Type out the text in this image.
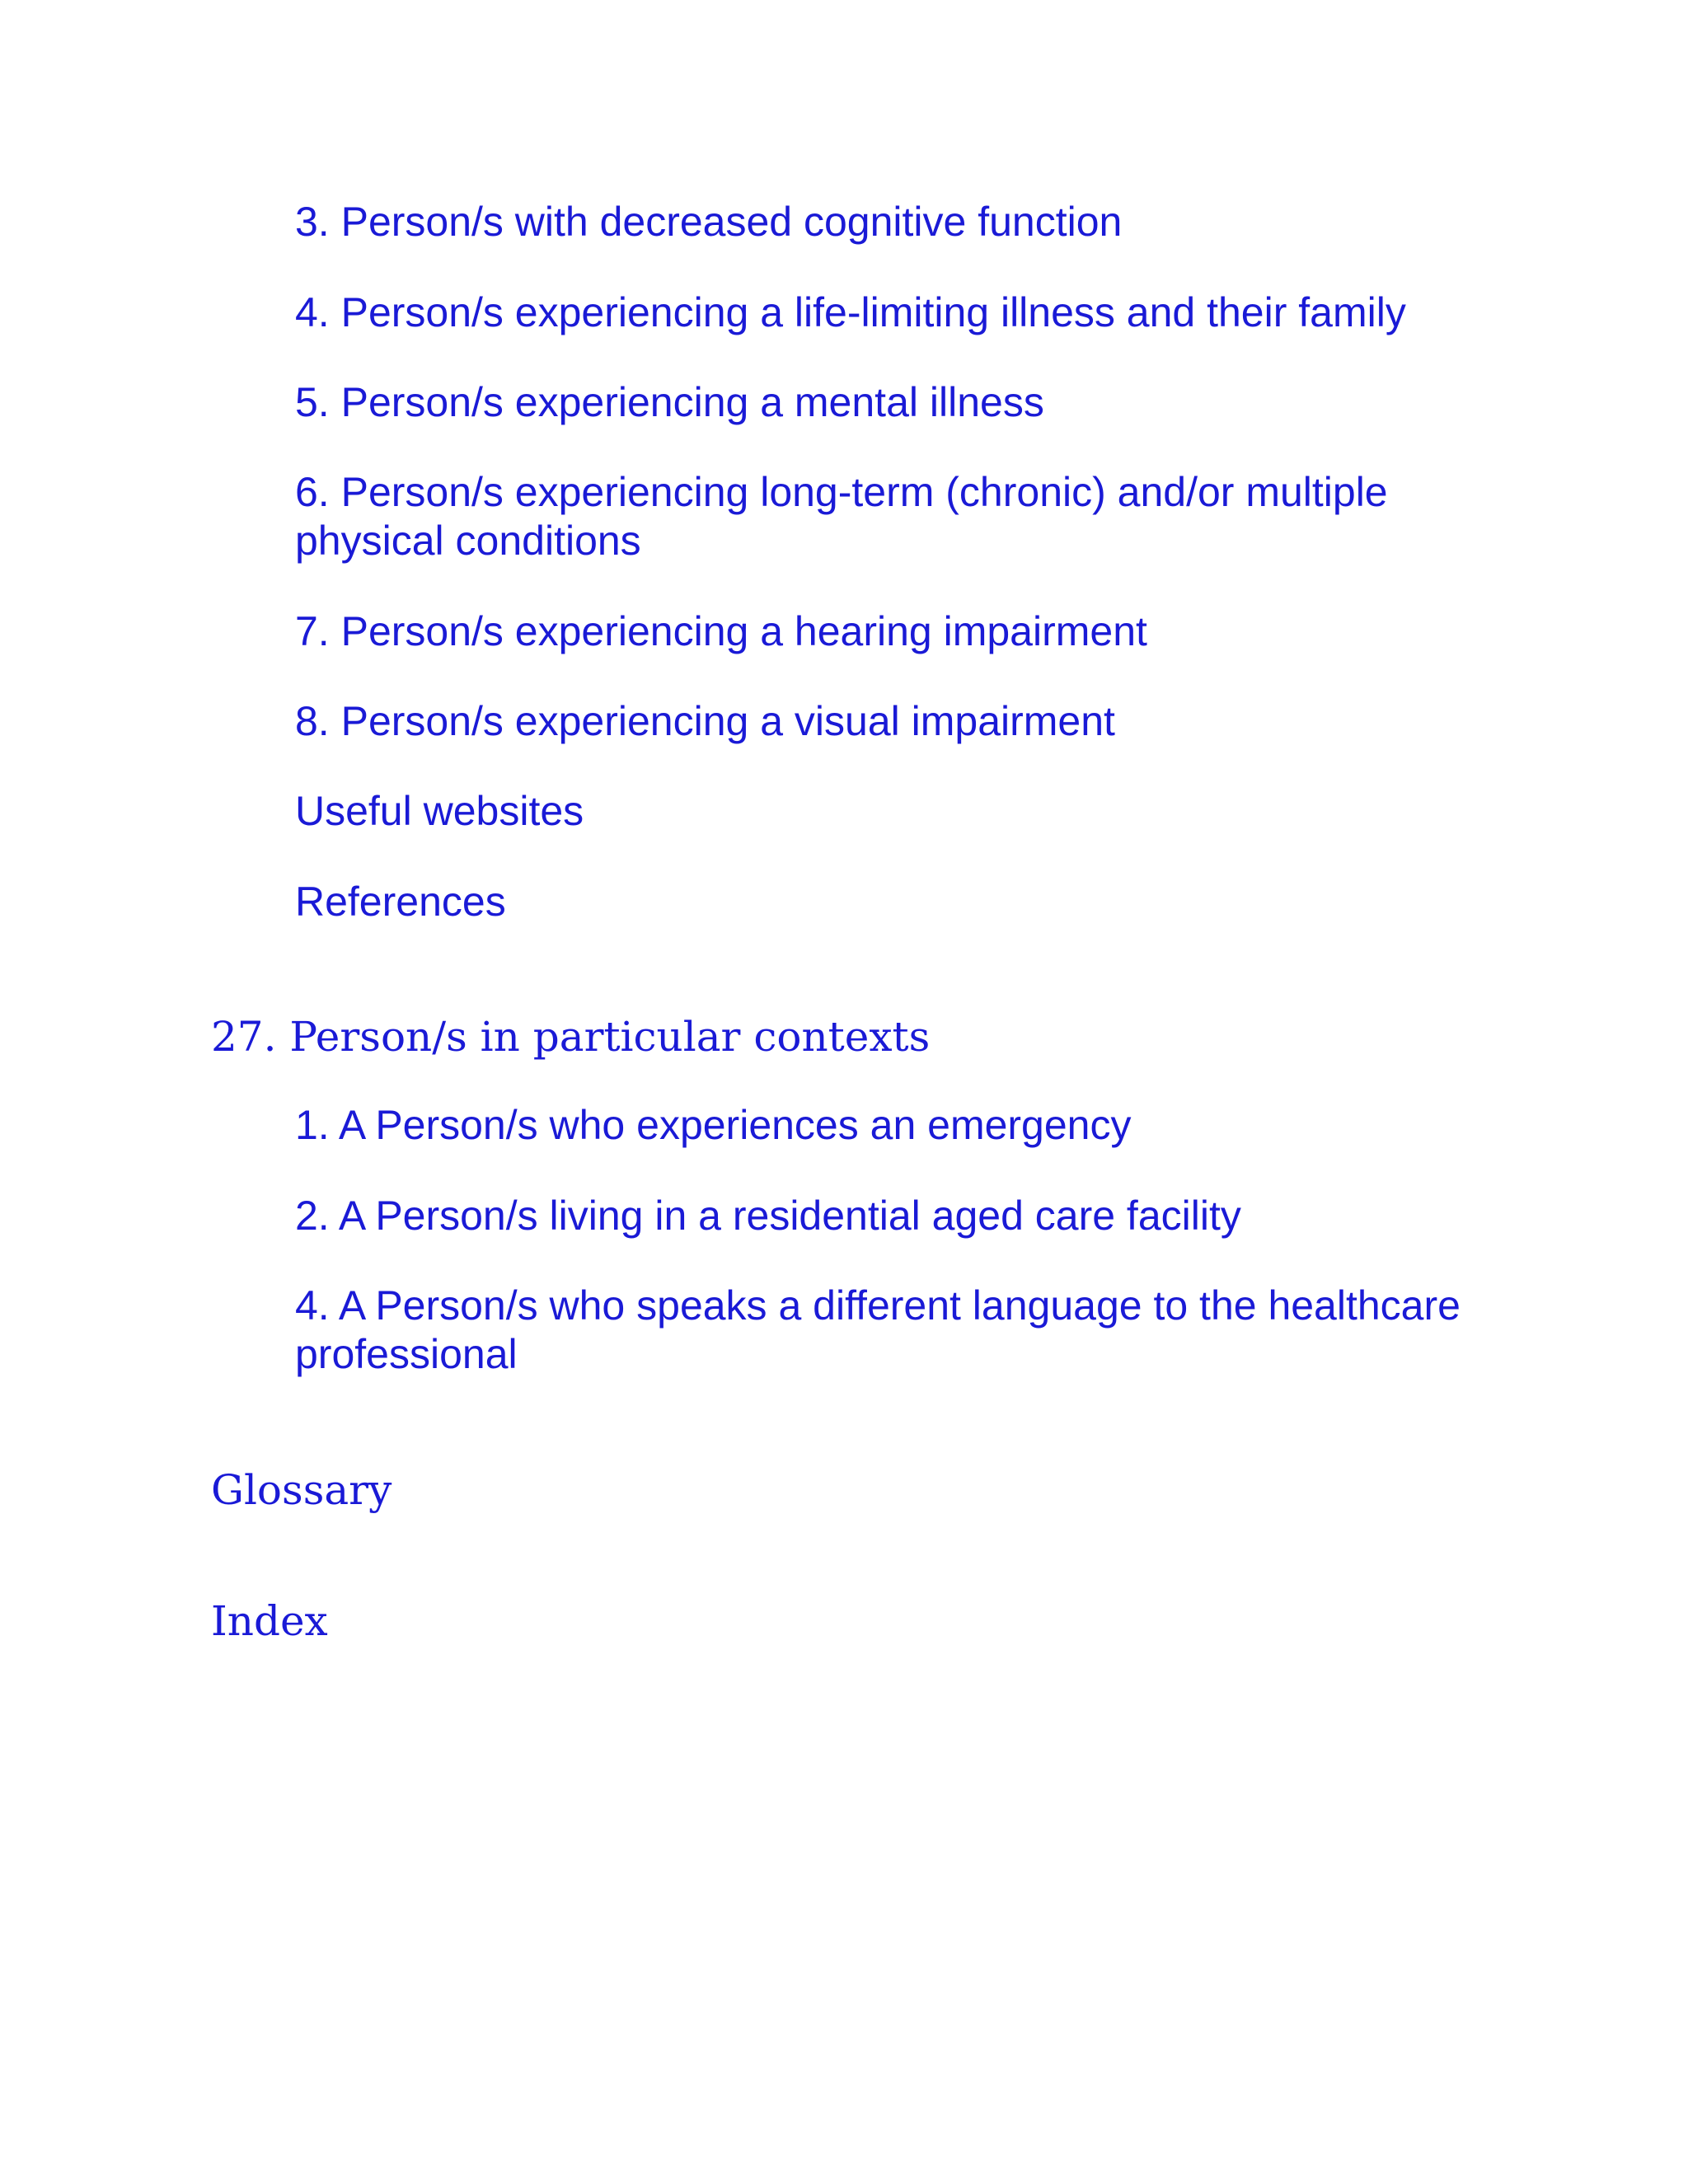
3. Person/s with decreased cognitive function
4. Person/s experiencing a life-limiting illness and their family
5. Person/s experiencing a mental illness
6. Person/s experiencing long-term (chronic) and/or multiple physical conditions
7. Person/s experiencing a hearing impairment
8. Person/s experiencing a visual impairment
Useful websites
References
27. Person/s in particular contexts
1. A Person/s who experiences an emergency
2. A Person/s living in a residential aged care facility
4. A Person/s who speaks a different language to the healthcare professional
Glossary
Index
